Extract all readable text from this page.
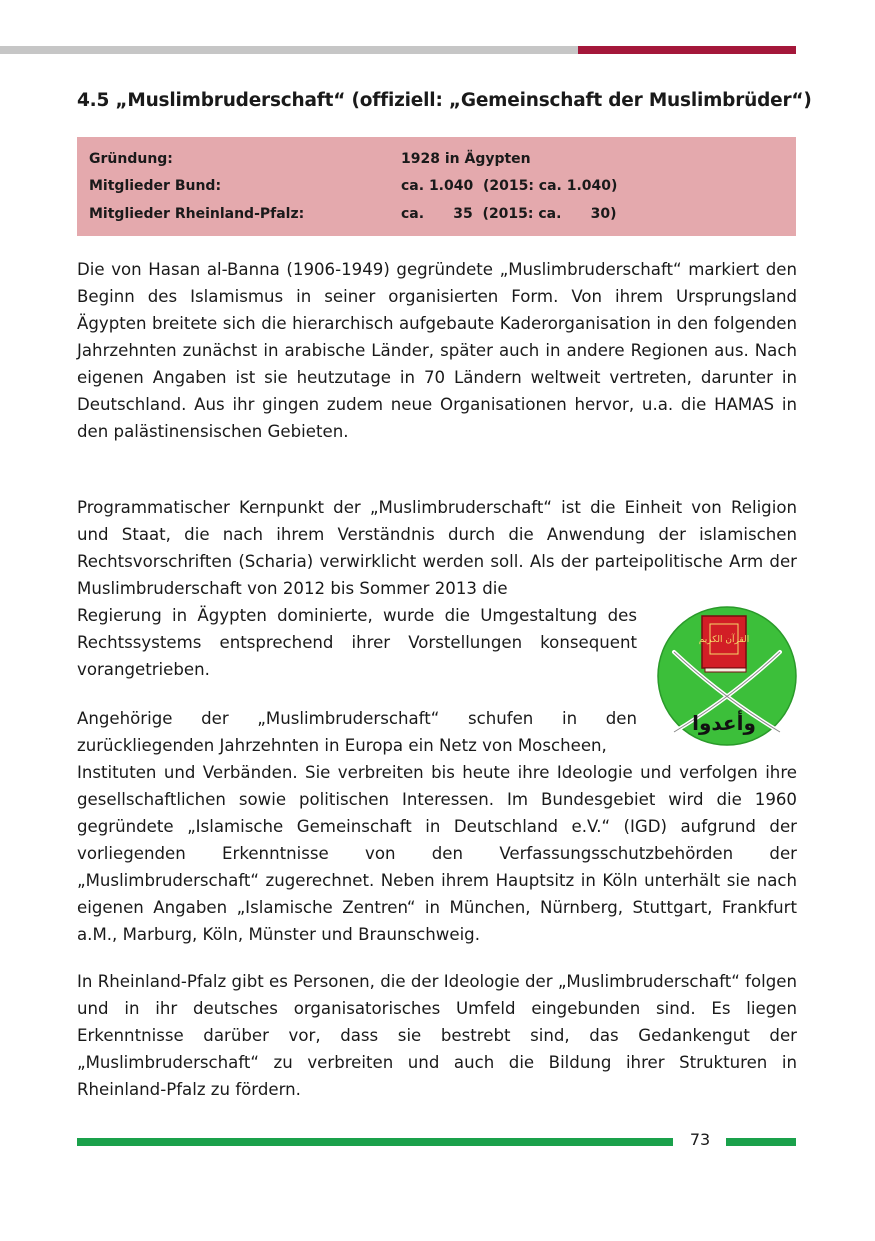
4.5 „Muslimbruderschaft“ (offiziell: „Gemeinschaft der Muslimbrüder“)
Gründung:	1928 in Ägypten
Mitglieder Bund:	ca. 1.040  (2015: ca. 1.040)
Mitglieder Rheinland-Pfalz:	ca.      35  (2015: ca.      30)

Die von Hasan al-Banna (1906-1949) gegründete „Muslimbruderschaft“ markiert den Beginn des Islamismus in seiner organisierten Form. Von ihrem Ursprungsland Ägypten breitete sich die hierarchisch aufgebaute Kaderorganisation in den folgenden Jahrzehnten zunächst in arabische Länder, später auch in andere Regionen aus. Nach eigenen Angaben ist sie heutzutage in 70 Ländern weltweit vertreten, darunter in Deutschland. Aus ihr gingen zudem neue Organisationen hervor, u.a. die HAMAS in den palästinensischen Gebieten.

Programmatischer Kernpunkt der „Muslimbruderschaft“ ist die Einheit von Religion und Staat, die nach ihrem Verständnis durch die Anwendung der islamischen Rechtsvorschriften (Scharia) verwirklicht werden soll. Als der parteipolitische Arm der Muslimbruderschaft von 2012 bis Sommer 2013 die

Regierung in Ägypten dominierte, wurde die Umgestaltung des Rechtssystems entsprechend ihrer Vorstellungen konsequent vorangetrieben.

Angehörige der „Muslimbruderschaft“ schufen in den zurückliegenden Jahrzehnten in Europa ein Netz von Moscheen,

Instituten und Verbänden. Sie verbreiten bis heute ihre Ideologie und verfolgen ihre gesellschaftlichen sowie politischen Interessen. Im Bundesgebiet wird die 1960 gegründete „Islamische Gemeinschaft in Deutschland e.V.“ (IGD) aufgrund der vorliegenden Erkenntnisse von den Verfassungsschutzbehörden der „Muslimbruderschaft“ zugerechnet. Neben ihrem Hauptsitz in Köln unterhält sie nach eigenen Angaben „Islamische Zentren“ in München, Nürnberg, Stuttgart, Frankfurt a.M., Marburg, Köln, Münster und Braunschweig.

In Rheinland-Pfalz gibt es Personen, die der Ideologie der „Muslimbruderschaft“ folgen und in ihr deutsches organisatorisches Umfeld eingebunden sind. Es liegen Erkenntnisse darüber vor, dass sie bestrebt sind, das Gedankengut der „Muslimbruderschaft“ zu verbreiten und auch die Bildung ihrer Strukturen in Rheinland-Pfalz zu fördern.

القرآن الكريم
وأعدوا
73
